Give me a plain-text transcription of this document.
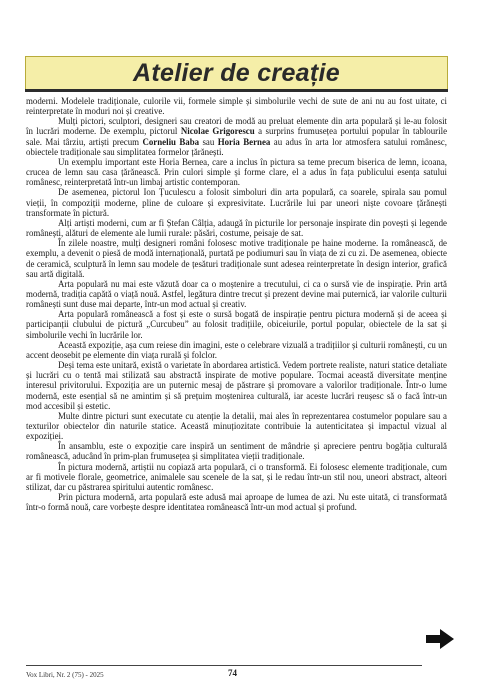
Atelier de creație

moderni. Modelele tradiționale, culorile vii, formele simple și simbolurile vechi de sute de ani nu au fost uitate, ci reinterpretate în moduri noi și creative.

Mulți pictori, sculptori, designeri sau creatori de modă au preluat elemente din arta populară și le-au folosit în lucrări moderne. De exemplu, pictorul Nicolae Grigorescu a surprins frumusețea portului popular în tablourile sale. Mai târziu, artiști precum Corneliu Baba sau Horia Bernea au adus în arta lor atmosfera satului românesc, obiectele tradiționale sau simplitatea formelor țărănești.

Un exemplu important este Horia Bernea, care a inclus în pictura sa teme precum biserica de lemn, icoana, crucea de lemn sau casa țărănească. Prin culori simple și forme clare, el a adus în fața publicului esența satului românesc, reinterpretată într-un limbaj artistic contemporan.

De asemenea, pictorul Ion Țuculescu a folosit simboluri din arta populară, ca soarele, spirala sau pomul vieții, în compoziții moderne, pline de culoare și expresivitate. Lucrările lui par uneori niște covoare țărănești transformate în pictură.

Alți artiști moderni, cum ar fi Ștefan Câlția, adaugă în picturile lor personaje inspirate din povești și legende românești, alături de elemente ale lumii rurale: păsări, costume, peisaje de sat.

În zilele noastre, mulți designeri români folosesc motive tradiționale pe haine moderne. Ia românească, de exemplu, a devenit o piesă de modă internațională, purtată pe podiumuri sau în viața de zi cu zi. De asemenea, obiecte de ceramică, sculptură în lemn sau modele de țesături tradiționale sunt adesea reinterpretate în design interior, grafică sau artă digitală.

Arta populară nu mai este văzută doar ca o moștenire a trecutului, ci ca o sursă vie de inspirație. Prin artă modernă, tradiția capătă o viață nouă. Astfel, legătura dintre trecut și prezent devine mai puternică, iar valorile culturii românești sunt duse mai departe, într-un mod actual și creativ.

Arta populară românească a fost și este o sursă bogată de inspirație pentru pictura modernă și de aceea și participanții clubului de pictură „Curcubeu” au folosit tradițiile, obiceiurile, portul popular, obiectele de la sat și simbolurile vechi în lucrările lor.

Această expoziție, așa cum reiese din imagini, este o celebrare vizuală a tradițiilor și culturii românești, cu un accent deosebit pe elemente din viața rurală și folclor.

Deși tema este unitară, există o varietate în abordarea artistică. Vedem portrete realiste, naturi statice detaliate și lucrări cu o tentă mai stilizată sau abstractă inspirate de motive populare. Tocmai această diversitate menține interesul privitorului. Expoziția are un puternic mesaj de păstrare și promovare a valorilor tradiționale. Într-o lume modernă, este esențial să ne amintim și să prețuim moștenirea culturală, iar aceste lucrări reușesc să o facă într-un mod accesibil și estetic.

Multe dintre picturi sunt executate cu atenție la detalii, mai ales în reprezentarea costumelor populare sau a texturilor obiectelor din naturile statice. Această minuțiozitate contribuie la autenticitatea și impactul vizual al expoziției.

În ansamblu, este o expoziție care inspiră un sentiment de mândrie și apreciere pentru bogăția culturală românească, aducând în prim-plan frumusețea și simplitatea vieții tradiționale.

În pictura modernă, artiștii nu copiază arta populară, ci o transformă. Ei folosesc elemente tradiționale, cum ar fi motivele florale, geometrice, animalele sau scenele de la sat, și le redau într-un stil nou, uneori abstract, alteori stilizat, dar cu păstrarea spiritului autentic românesc.

Prin pictura modernă, arta populară este adusă mai aproape de lumea de azi. Nu este uitată, ci transformată într-o formă nouă, care vorbește despre identitatea românească într-un mod actual și profund.

Vox Libri, Nr. 2 (75) - 2025	74
